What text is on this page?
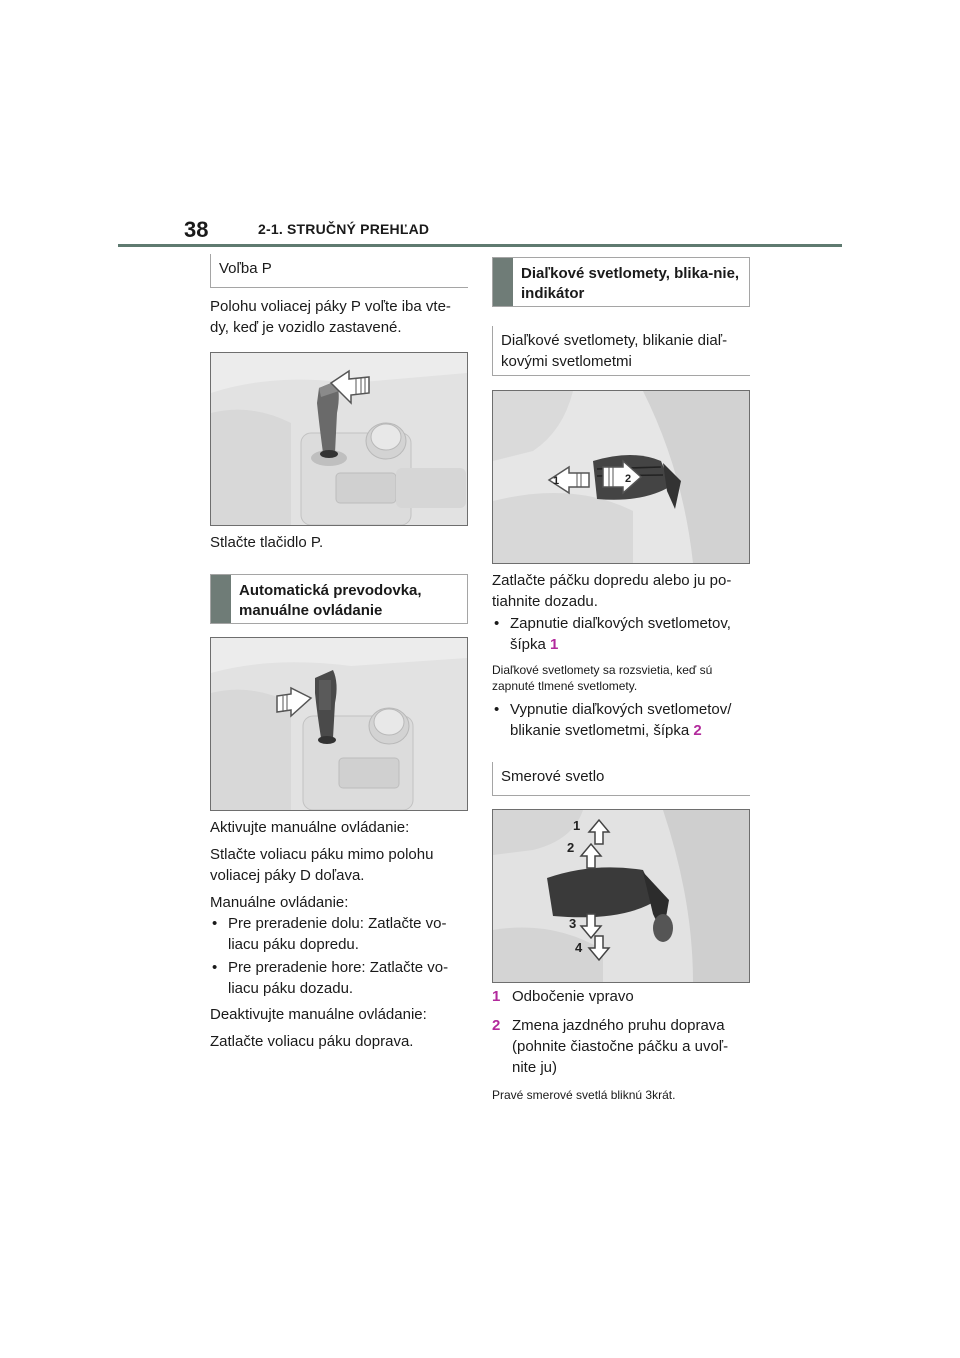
38	2-1. STRUČNÝ PREHĽAD
Voľba P
Polohu voliacej páky P voľte iba vte-dy, keď je vozidlo zastavené.
Stlačte tlačidlo P.
Automatická prevodovka, manuálne ovládanie
Aktivujte manuálne ovládanie:
Stlačte voliacu páku mimo polohu voliacej páky D doľava.
Manuálne ovládanie:
• Pre preradenie dolu: Zatlačte vo-liacu páku dopredu.
• Pre preradenie hore: Zatlačte vo-liacu páku dozadu.
Deaktivujte manuálne ovládanie:
Zatlačte voliacu páku doprava.
Diaľkové svetlomety, blika-nie, indikátor
Diaľkové svetlomety, blikanie diaľ-kovými svetlometmi
1	2
Zatlačte páčku dopredu alebo ju po-tiahnite dozadu.
• Zapnutie diaľkových svetlometov, šípka 1
Diaľkové svetlomety sa rozsvietia, keď sú zapnuté tlmené svetlomety.
• Vypnutie diaľkových svetlometov/ blikanie svetlometmi, šípka 2
Smerové svetlo
1
2
3
4
1 Odbočenie vpravo
2 Zmena jazdného pruhu doprava (pohnite čiastočne páčku a uvoľ-nite ju)
Pravé smerové svetlá bliknú 3krát.
